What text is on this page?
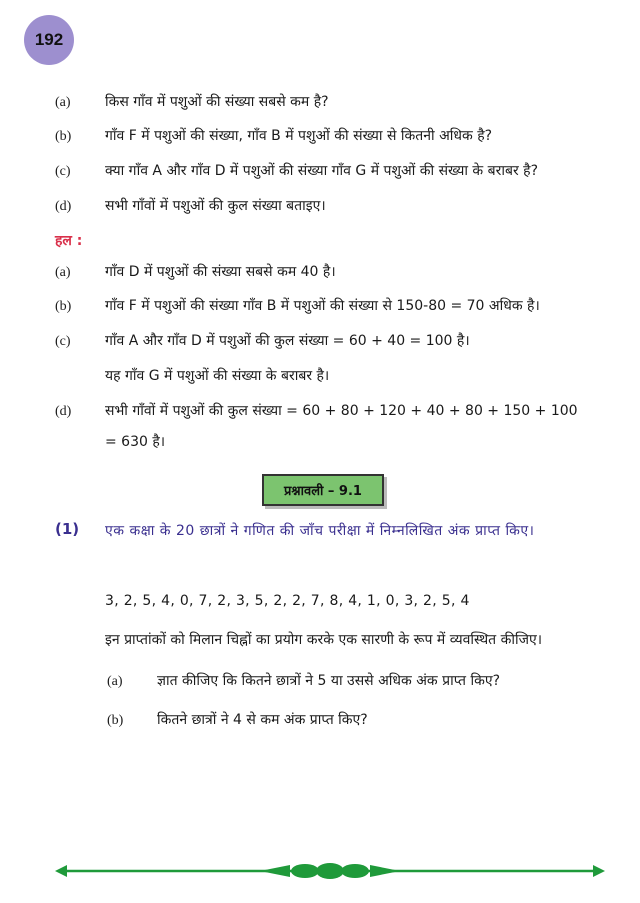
192
(a) किस गाँव में पशुओं की संख्या सबसे कम है?
(b) गाँव F में पशुओं की संख्या, गाँव B में पशुओं की संख्या से कितनी अधिक है?
(c) क्या गाँव A और गाँव D में पशुओं की संख्या गाँव G में पशुओं की संख्या के बराबर है?
(d) सभी गाँवों में पशुओं की कुल संख्या बताइए।
हल :
(a) गाँव D में पशुओं की संख्या सबसे कम 40 है।
(b) गाँव F में पशुओं की संख्या गाँव B में पशुओं की संख्या से 150-80 = 70 अधिक है।
(c) गाँव A और गाँव D में पशुओं की कुल संख्या = 60 + 40 = 100 है।
यह गाँव G में पशुओं की संख्या के बराबर है।
(d) सभी गाँवों में पशुओं की कुल संख्या = 60 + 80 + 120 + 40 + 80 + 150 + 100
= 630 है।
प्रश्नावली – 9.1
(1) एक कक्षा के 20 छात्रों ने गणित की जाँच परीक्षा में निम्नलिखित अंक प्राप्त किए।
3, 2, 5, 4, 0, 7, 2, 3, 5, 2, 2, 7, 8, 4, 1, 0, 3, 2, 5, 4
इन प्राप्तांकों को मिलान चिह्नों का प्रयोग करके एक सारणी के रूप में व्यवस्थित कीजिए।
(a) ज्ञात कीजिए कि कितने छात्रों ने 5 या उससे अधिक अंक प्राप्त किए?
(b) कितने छात्रों ने 4 से कम अंक प्राप्त किए?
